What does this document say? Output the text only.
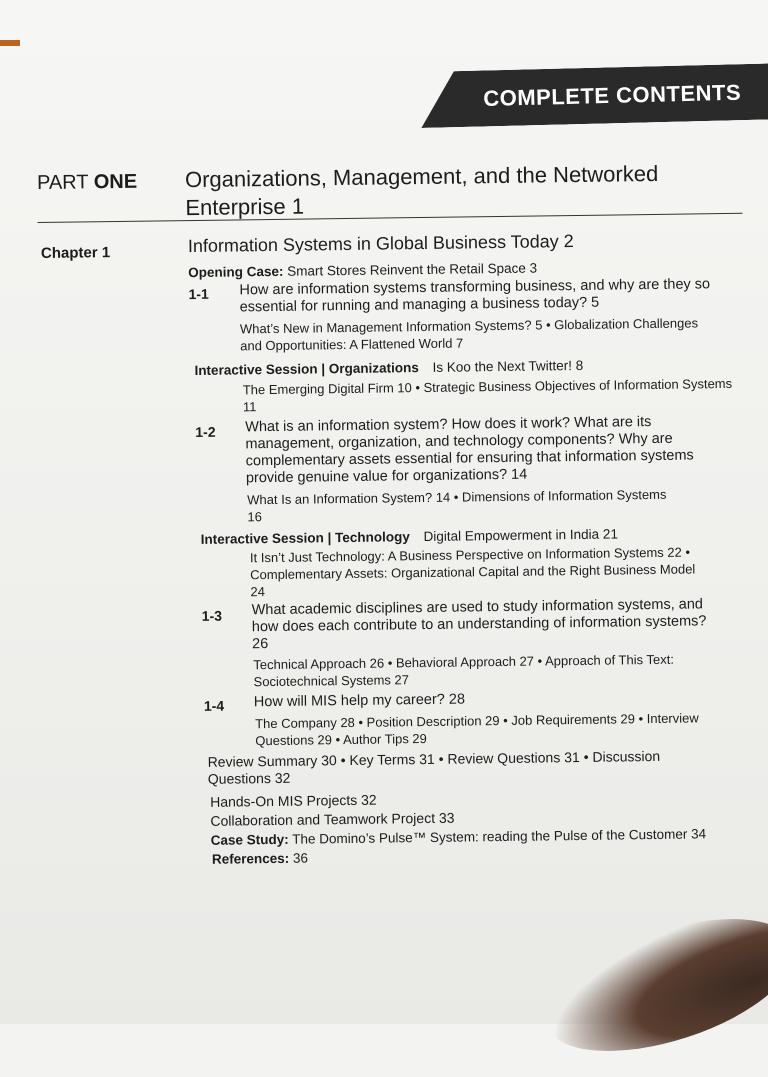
COMPLETE CONTENTS
PART ONE Organizations, Management, and the Networked Enterprise 1
Chapter 1	Information Systems in Global Business Today 2
Opening Case: Smart Stores Reinvent the Retail Space 3
1-1 How are information systems transforming business, and why are they so essential for running and managing a business today? 5
What’s New in Management Information Systems? 5 • Globalization Challenges and Opportunities: A Flattened World 7
Interactive Session | Organizations Is Koo the Next Twitter! 8
The Emerging Digital Firm 10 • Strategic Business Objectives of Information Systems 11
1-2 What is an information system? How does it work? What are its management, organization, and technology components? Why are complementary assets essential for ensuring that information systems provide genuine value for organizations? 14
What Is an Information System? 14 • Dimensions of Information Systems 16
Interactive Session | Technology Digital Empowerment in India 21
It Isn’t Just Technology: A Business Perspective on Information Systems 22 • Complementary Assets: Organizational Capital and the Right Business Model 24
1-3 What academic disciplines are used to study information systems, and how does each contribute to an understanding of information systems? 26
Technical Approach 26 • Behavioral Approach 27 • Approach of This Text: Sociotechnical Systems 27
1-4 How will MIS help my career? 28
The Company 28 • Position Description 29 • Job Requirements 29 • Interview Questions 29 • Author Tips 29
Review Summary 30 • Key Terms 31 • Review Questions 31 • Discussion Questions 32
Hands-On MIS Projects 32
Collaboration and Teamwork Project 33
Case Study: The Domino’s Pulse™ System: reading the Pulse of the Customer 34
References: 36
